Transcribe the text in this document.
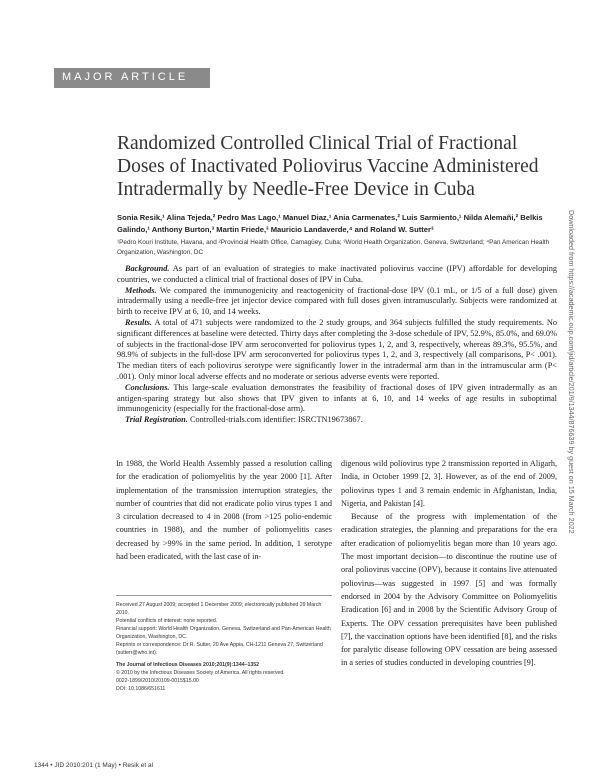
MAJOR ARTICLE
Randomized Controlled Clinical Trial of Fractional Doses of Inactivated Poliovirus Vaccine Administered Intradermally by Needle-Free Device in Cuba
Sonia Resik,¹ Alina Tejeda,² Pedro Mas Lago,¹ Manuel Diaz,¹ Ania Carmenates,² Luis Sarmiento,¹ Nilda Alemañi,² Belkis Galindo,¹ Anthony Burton,³ Martin Friede,³ Mauricio Landaverde,⁴ and Roland W. Sutter³
¹Pedro Kouri Institute, Havana, and ²Provincial Health Office, Camagüey, Cuba; ³World Health Organization, Geneva, Switzerland; ⁴Pan American Health Organization, Washington, DC

Background. As part of an evaluation of strategies to make inactivated poliovirus vaccine (IPV) affordable for developing countries, we conducted a clinical trial of fractional doses of IPV in Cuba.

Methods. We compared the immunogenicity and reactogenicity of fractional-dose IPV (0.1 mL, or 1/5 of a full dose) given intradermally using a needle-free jet injector device compared with full doses given intramuscularly. Subjects were randomized at birth to receive IPV at 6, 10, and 14 weeks.

Results. A total of 471 subjects were randomized to the 2 study groups, and 364 subjects fulfilled the study requirements. No significant differences at baseline were detected. Thirty days after completing the 3-dose schedule of IPV, 52.9%, 85.0%, and 69.0% of subjects in the fractional-dose IPV arm seroconverted for poliovirus types 1, 2, and 3, respectively, whereas 89.3%, 95.5%, and 98.9% of subjects in the full-dose IPV arm seroconverted for poliovirus types 1, 2, and 3, respectively (all comparisons, P< .001). The median titers of each poliovirus serotype were significantly lower in the intradermal arm than in the intramuscular arm (P< .001). Only minor local adverse effects and no moderate or serious adverse events were reported.

Conclusions. This large-scale evaluation demonstrates the feasibility of fractional doses of IPV given intradermally as an antigen-sparing strategy but also shows that IPV given to infants at 6, 10, and 14 weeks of age results in suboptimal immunogenicity (especially for the fractional-dose arm).

Trial Registration. Controlled-trials.com identifier: ISRCTN19673867.

In 1988, the World Health Assembly passed a resolution calling for the eradication of poliomyelitis by the year 2000 [1]. After implementation of the transmission interruption strategies, the number of countries that did not eradicate polio virus types 1 and 3 circulation decreased to 4 in 2008 (from >125 polio-endemic countries in 1988), and the number of poliomyelitis cases decreased by >99% in the same period. In addition, 1 serotype had been eradicated, with the last case of in-

Received 27 August 2009; accepted 1 December 2009; electronically published 29 March 2010.

Potential conflicts of interest: none reported.

Financial support: World Health Organization, Geneva, Switzerland and Pan-American Health Organization, Washington, DC.

Reprints or correspondence: Dr R. Sutter, 20 Ave Appia, CH-1211 Geneva 27, Switzerland (sutterr@who.int).

The Journal of Infectious Diseases 2010;201(9):1344–1352

© 2010 by the Infectious Diseases Society of America. All rights reserved.

0022-1899/2010/20109-0015$15.00

DOI: 10.1086/651611

digenous wild poliovirus type 2 transmission reported in Aligarh, India, in October 1999 [2, 3]. However, as of the end of 2009, poliovirus types 1 and 3 remain endemic in Afghanistan, India, Nigeria, and Pakistan [4].

Because of the progress with implementation of the eradication strategies, the planning and preparations for the era after eradication of poliomyelitis began more than 10 years ago. The most important decision—to discontinue the routine use of oral poliovirus vaccine (OPV), because it contains live attenuated poliovirus—was suggested in 1997 [5] and was formally endorsed in 2004 by the Advisory Committee on Poliomyelitis Eradication [6] and in 2008 by the Scientific Advisory Group of Experts. The OPV cessation prerequisites have been published [7], the vaccination options have been identified [8], and the risks for paralytic disease following OPV cessation are being assessed in a series of studies conducted in developing countries [9].

1344 • JID 2010:201 (1 May) • Resik et al
Downloaded from https://academic.oup.com/jid/article/201/9/1344/876639 by guest on 15 March 2022
